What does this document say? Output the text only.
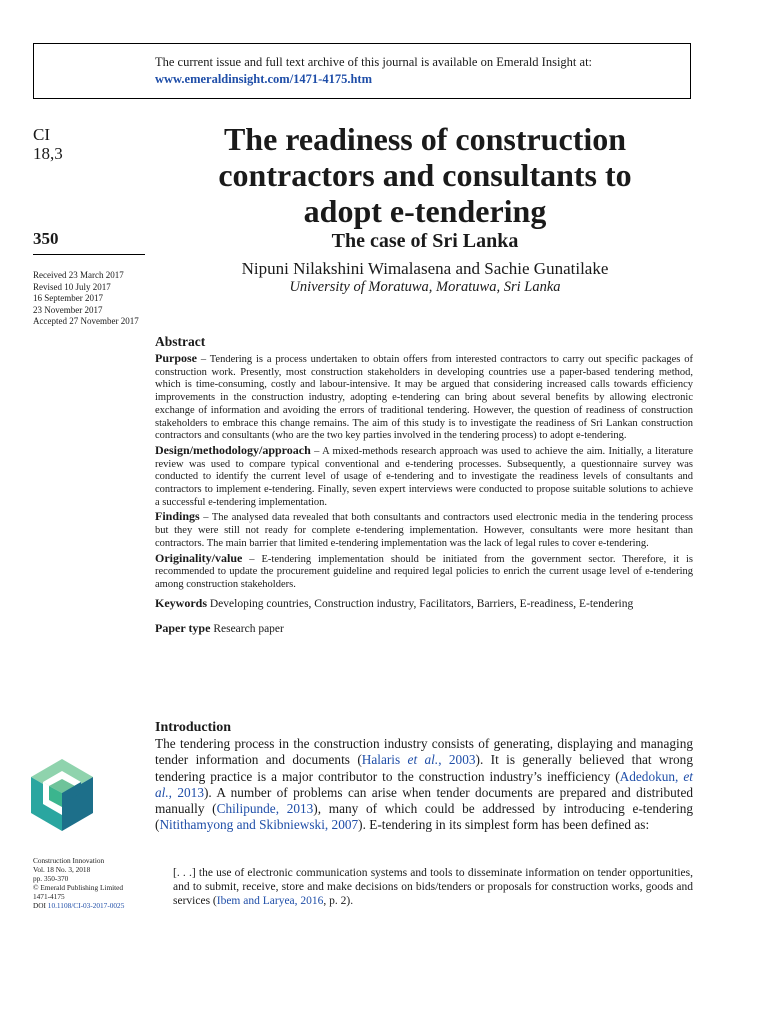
The current issue and full text archive of this journal is available on Emerald Insight at:
www.emeraldinsight.com/1471-4175.htm
CI
18,3
350
Received 23 March 2017
Revised 10 July 2017
16 September 2017
23 November 2017
Accepted 27 November 2017
The readiness of construction
contractors and consultants to
adopt e-tendering
The case of Sri Lanka
Nipuni Nilakshini Wimalasena and Sachie Gunatilake
University of Moratuwa, Moratuwa, Sri Lanka
Abstract

Purpose – Tendering is a process undertaken to obtain offers from interested contractors to carry out specific packages of construction work. Presently, most construction stakeholders in developing countries use a paper-based tendering method, which is time-consuming, costly and labour-intensive. It may be argued that considering increased calls towards efficiency improvements in the construction industry, adopting e-tendering can bring about several benefits by allowing electronic exchange of information and avoiding the errors of traditional tendering. However, the question of readiness of construction stakeholders to embrace this change remains. The aim of this study is to investigate the readiness of Sri Lankan construction contractors and consultants (who are the two key parties involved in the tendering process) to adopt e-tendering.

Design/methodology/approach – A mixed-methods research approach was used to achieve the aim. Initially, a literature review was used to compare typical conventional and e-tendering processes. Subsequently, a questionnaire survey was conducted to identify the current level of usage of e-tendering and to investigate the readiness levels of consultants and contractors to implement e-tendering. Finally, seven expert interviews were conducted to propose suitable solutions to achieve a successful e-tendering implementation.

Findings – The analysed data revealed that both consultants and contractors used electronic media in the tendering process but they were still not ready for complete e-tendering implementation. However, consultants were more hesitant than contractors. The main barrier that limited e-tendering implementation was the lack of legal rules to cover e-tendering.

Originality/value – E-tendering implementation should be initiated from the government sector. Therefore, it is recommended to update the procurement guideline and required legal policies to enrich the current usage level of e-tendering among construction stakeholders.

Keywords Developing countries, Construction industry, Facilitators, Barriers, E-readiness, E-tendering

Paper type Research paper
Introduction

The tendering process in the construction industry consists of generating, displaying and managing tender information and documents (Halaris et al., 2003). It is generally believed that wrong tendering practice is a major contributor to the construction industry’s inefficiency (Adedokun, et al., 2013). A number of problems can arise when tender documents are prepared and distributed manually (Chilipunde, 2013), many of which could be addressed by introducing e-tendering (Nitithamyong and Skibniewski, 2007). E-tendering in its simplest form has been defined as:

[. . .] the use of electronic communication systems and tools to disseminate information on tender opportunities, and to submit, receive, store and make decisions on bids/tenders or proposals for construction works, goods and services (Ibem and Laryea, 2016, p. 2).
Construction Innovation
Vol. 18 No. 3, 2018
pp. 350-370
© Emerald Publishing Limited
1471-4175
DOI 10.1108/CI-03-2017-0025
